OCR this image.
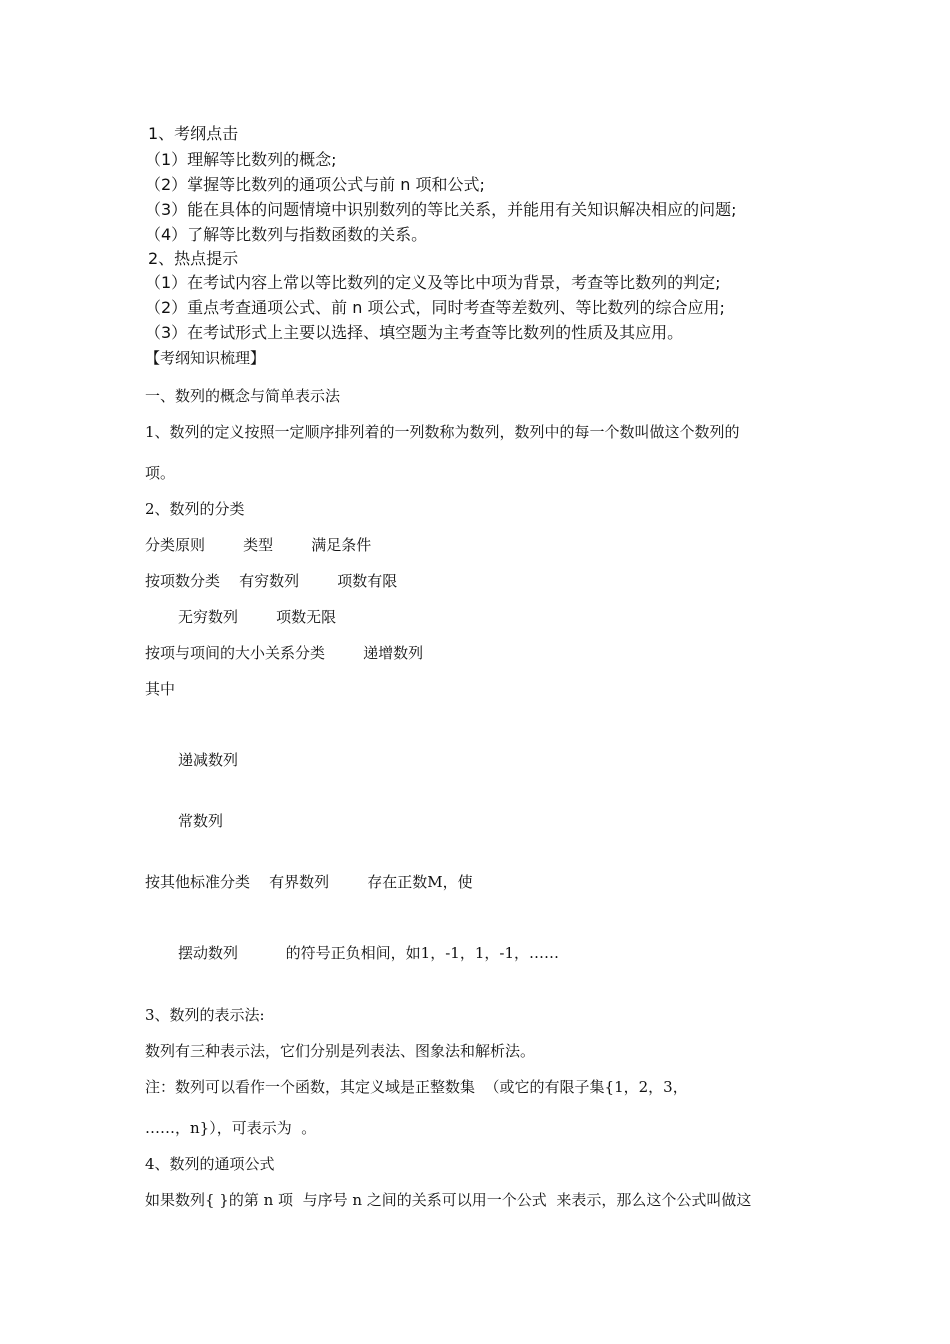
1、考纲点击
（1）理解等比数列的概念;
（2）掌握等比数列的通项公式与前 n 项和公式;
（3）能在具体的问题情境中识别数列的等比关系，并能用有关知识解决相应的问题;
（4）了解等比数列与指数函数的关系。
2、热点提示
（1）在考试内容上常以等比数列的定义及等比中项为背景，考查等比数列的判定;
（2）重点考查通项公式、前 n 项公式，同时考查等差数列、等比数列的综合应用;
（3）在考试形式上主要以选择、填空题为主考查等比数列的性质及其应用。
【考纲知识梳理】
一、数列的概念与简单表示法
1、数列的定义按照一定顺序排列着的一列数称为数列，数列中的每一个数叫做这个数列的
项。
2、数列的分类
分类原则        类型        满足条件
按项数分类    有穷数列        项数有限
无穷数列        项数无限
按项与项间的大小关系分类        递增数列
其中
递减数列
常数列
按其他标准分类    有界数列        存在正数M，使
摆动数列          的符号正负相间，如1，-1，1，-1，……
3、数列的表示法:
数列有三种表示法，它们分别是列表法、图象法和解析法。
注：数列可以看作一个函数，其定义域是正整数集  （或它的有限子集{1，2，3，
……，n}），可表示为  。
4、数列的通项公式
如果数列{ }的第 n 项  与序号 n 之间的关系可以用一个公式  来表示，那么这个公式叫做这
